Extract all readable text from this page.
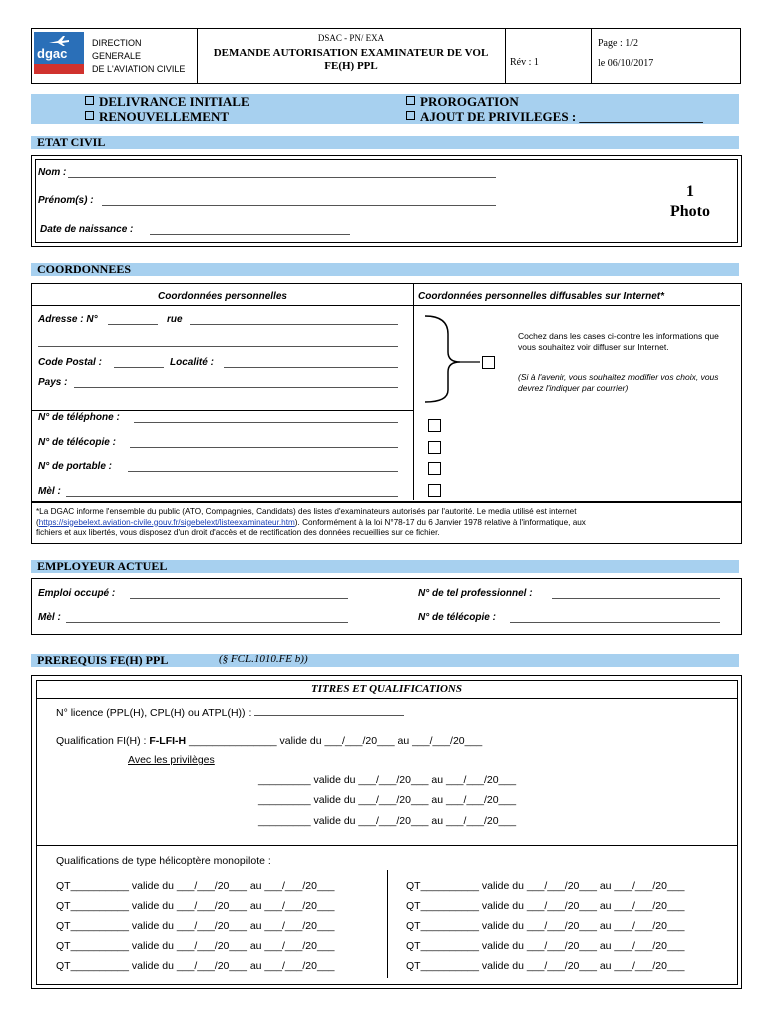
dgac
DIRECTION
GENERALE
DE L'AVIATION CIVILE
DSAC - PN/ EXA
DEMANDE AUTORISATION EXAMINATEUR DE VOL
FE(H) PPL	Rév : 1
Page : 1/2
le 06/10/2017
DELIVRANCE INITIALE
RENOUVELLEMENT
PROROGATION
AJOUT DE PRIVILEGES : ___________________
ETAT CIVIL
Nom :
Prénom(s) :
Date de naissance :
1
Photo
COORDONNEES
Coordonnées personnelles	Coordonnées personnelles diffusables sur Internet*
Adresse : N°	rue
Code Postal :	Localité :
Pays :
N° de téléphone :
N° de télécopie :
N° de portable :
Mèl :
Cochez dans les cases ci-contre les informations que vous souhaitez voir diffuser sur Internet.
(Si à l'avenir, vous souhaitez modifier vos choix, vous devrez l'indiquer par courrier)
*La DGAC informe l'ensemble du public (ATO, Compagnies, Candidats) des listes d'examinateurs autorisés par l'autorité. Le media utilisé est internet
(https://sigebelext.aviation-civile.gouv.fr/sigebelext/listeexaminateur.htm). Conformément à la loi N°78-17 du 6 Janvier 1978 relative à l'informatique, aux
fichiers et aux libertés, vous disposez d'un droit d'accès et de rectification des données recueillies sur ce fichier.
EMPLOYEUR ACTUEL
Emploi occupé :
Mèl :
N° de tel professionnel :
N° de télécopie :
PREREQUIS FE(H) PPL	(§ FCL.1010.FE b))
TITRES ET QUALIFICATIONS
N° licence (PPL(H), CPL(H) ou ATPL(H)) :
Qualification FI(H) : F-LFI-H _______________ valide du ___/___/20___ au ___/___/20___
Avec les privilèges
_________ valide du ___/___/20___ au ___/___/20___
_________ valide du ___/___/20___ au ___/___/20___
_________ valide du ___/___/20___ au ___/___/20___
Qualifications de type hélicoptère monopilote :
QT__________ valide du ___/___/20___ au ___/___/20___
QT__________ valide du ___/___/20___ au ___/___/20___
QT__________ valide du ___/___/20___ au ___/___/20___
QT__________ valide du ___/___/20___ au ___/___/20___
QT__________ valide du ___/___/20___ au ___/___/20___
QT__________ valide du ___/___/20___ au ___/___/20___
QT__________ valide du ___/___/20___ au ___/___/20___
QT__________ valide du ___/___/20___ au ___/___/20___
QT__________ valide du ___/___/20___ au ___/___/20___
QT__________ valide du ___/___/20___ au ___/___/20___
